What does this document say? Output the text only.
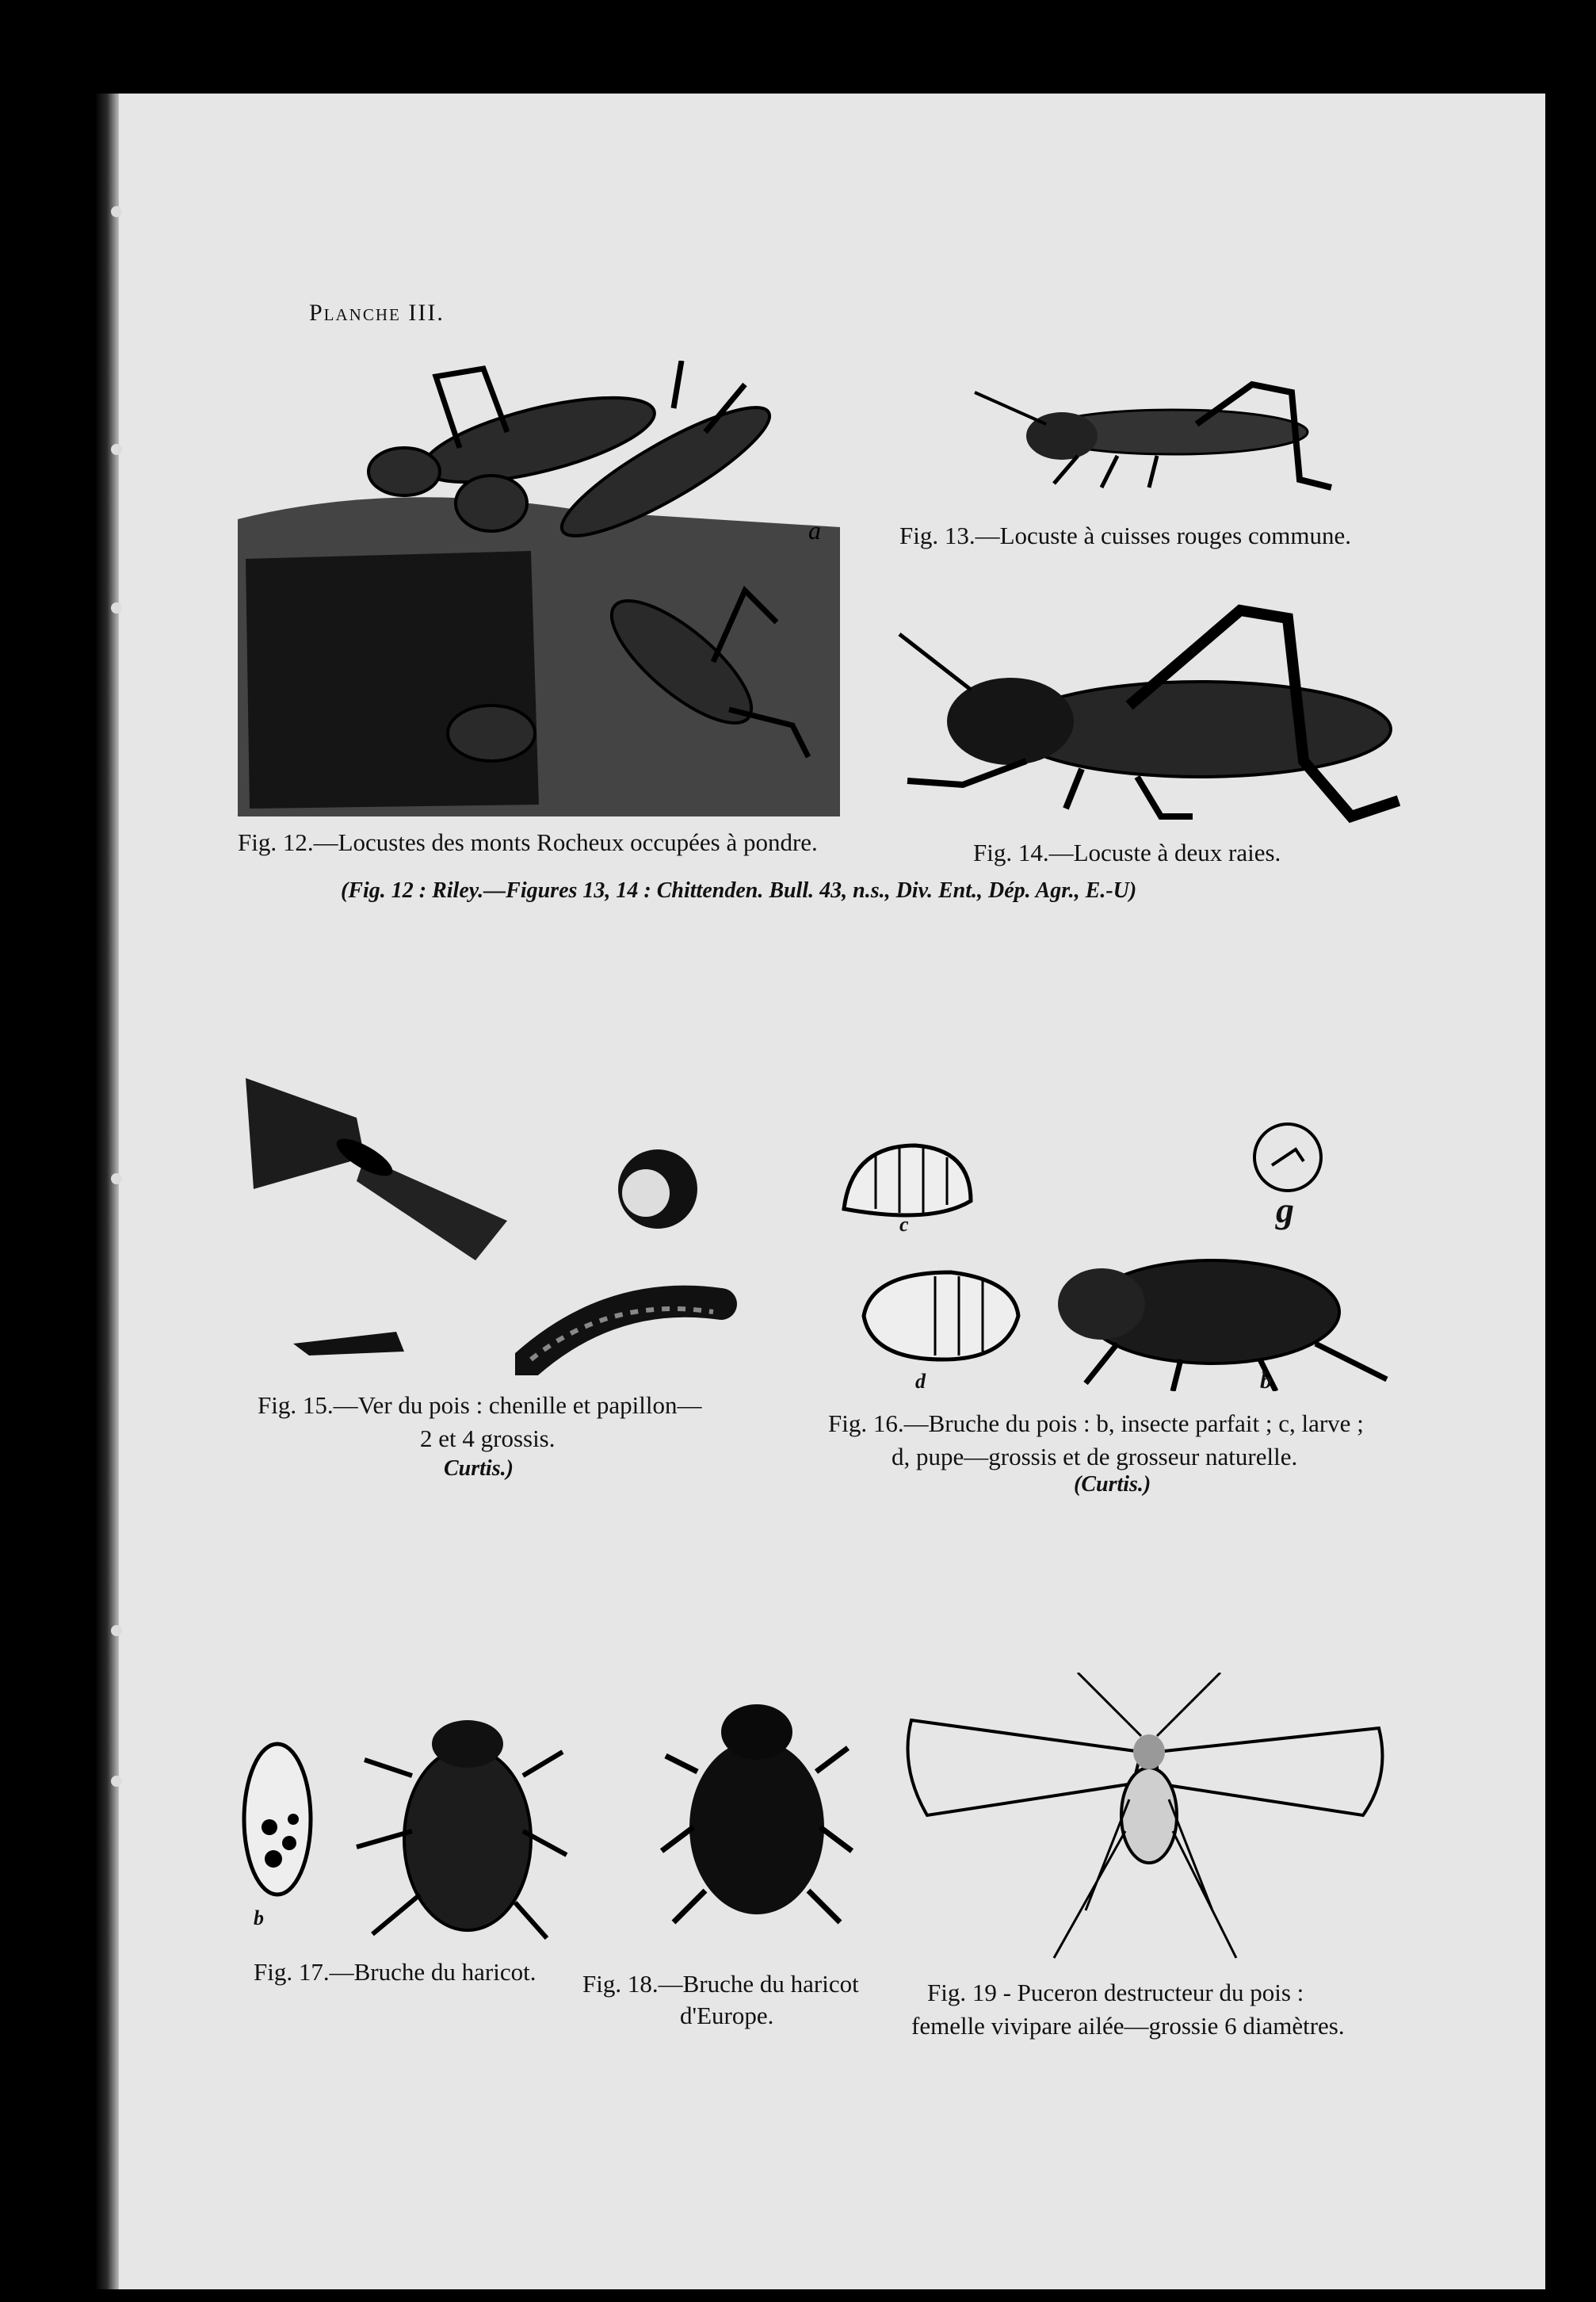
Planche III.
a	Fig. 13.—Locuste à cuisses rouges commune.
Fig. 12.—Locustes des monts Rocheux occupées à pondre.	Fig. 14.—Locuste à deux raies.
(Fig. 12 : Riley.—Figures 13, 14 : Chittenden. Bull. 43, n.s., Div. Ent., Dép. Agr., E.-U)
Fig. 15.—Ver du pois : chenille et papillon—
2 et 4 grossis.
Curtis.)
c
d	b
g
Fig. 16.—Bruche du pois : b, insecte parfait ; c, larve ;
d, pupe—grossis et de grosseur naturelle.
(Curtis.)
b
Fig. 17.—Bruche du haricot. Fig. 18.—Bruche du haricot
d'Europe.
Fig. 19 - Puceron destructeur du pois :
femelle vivipare ailée—grossie 6 diamètres.
